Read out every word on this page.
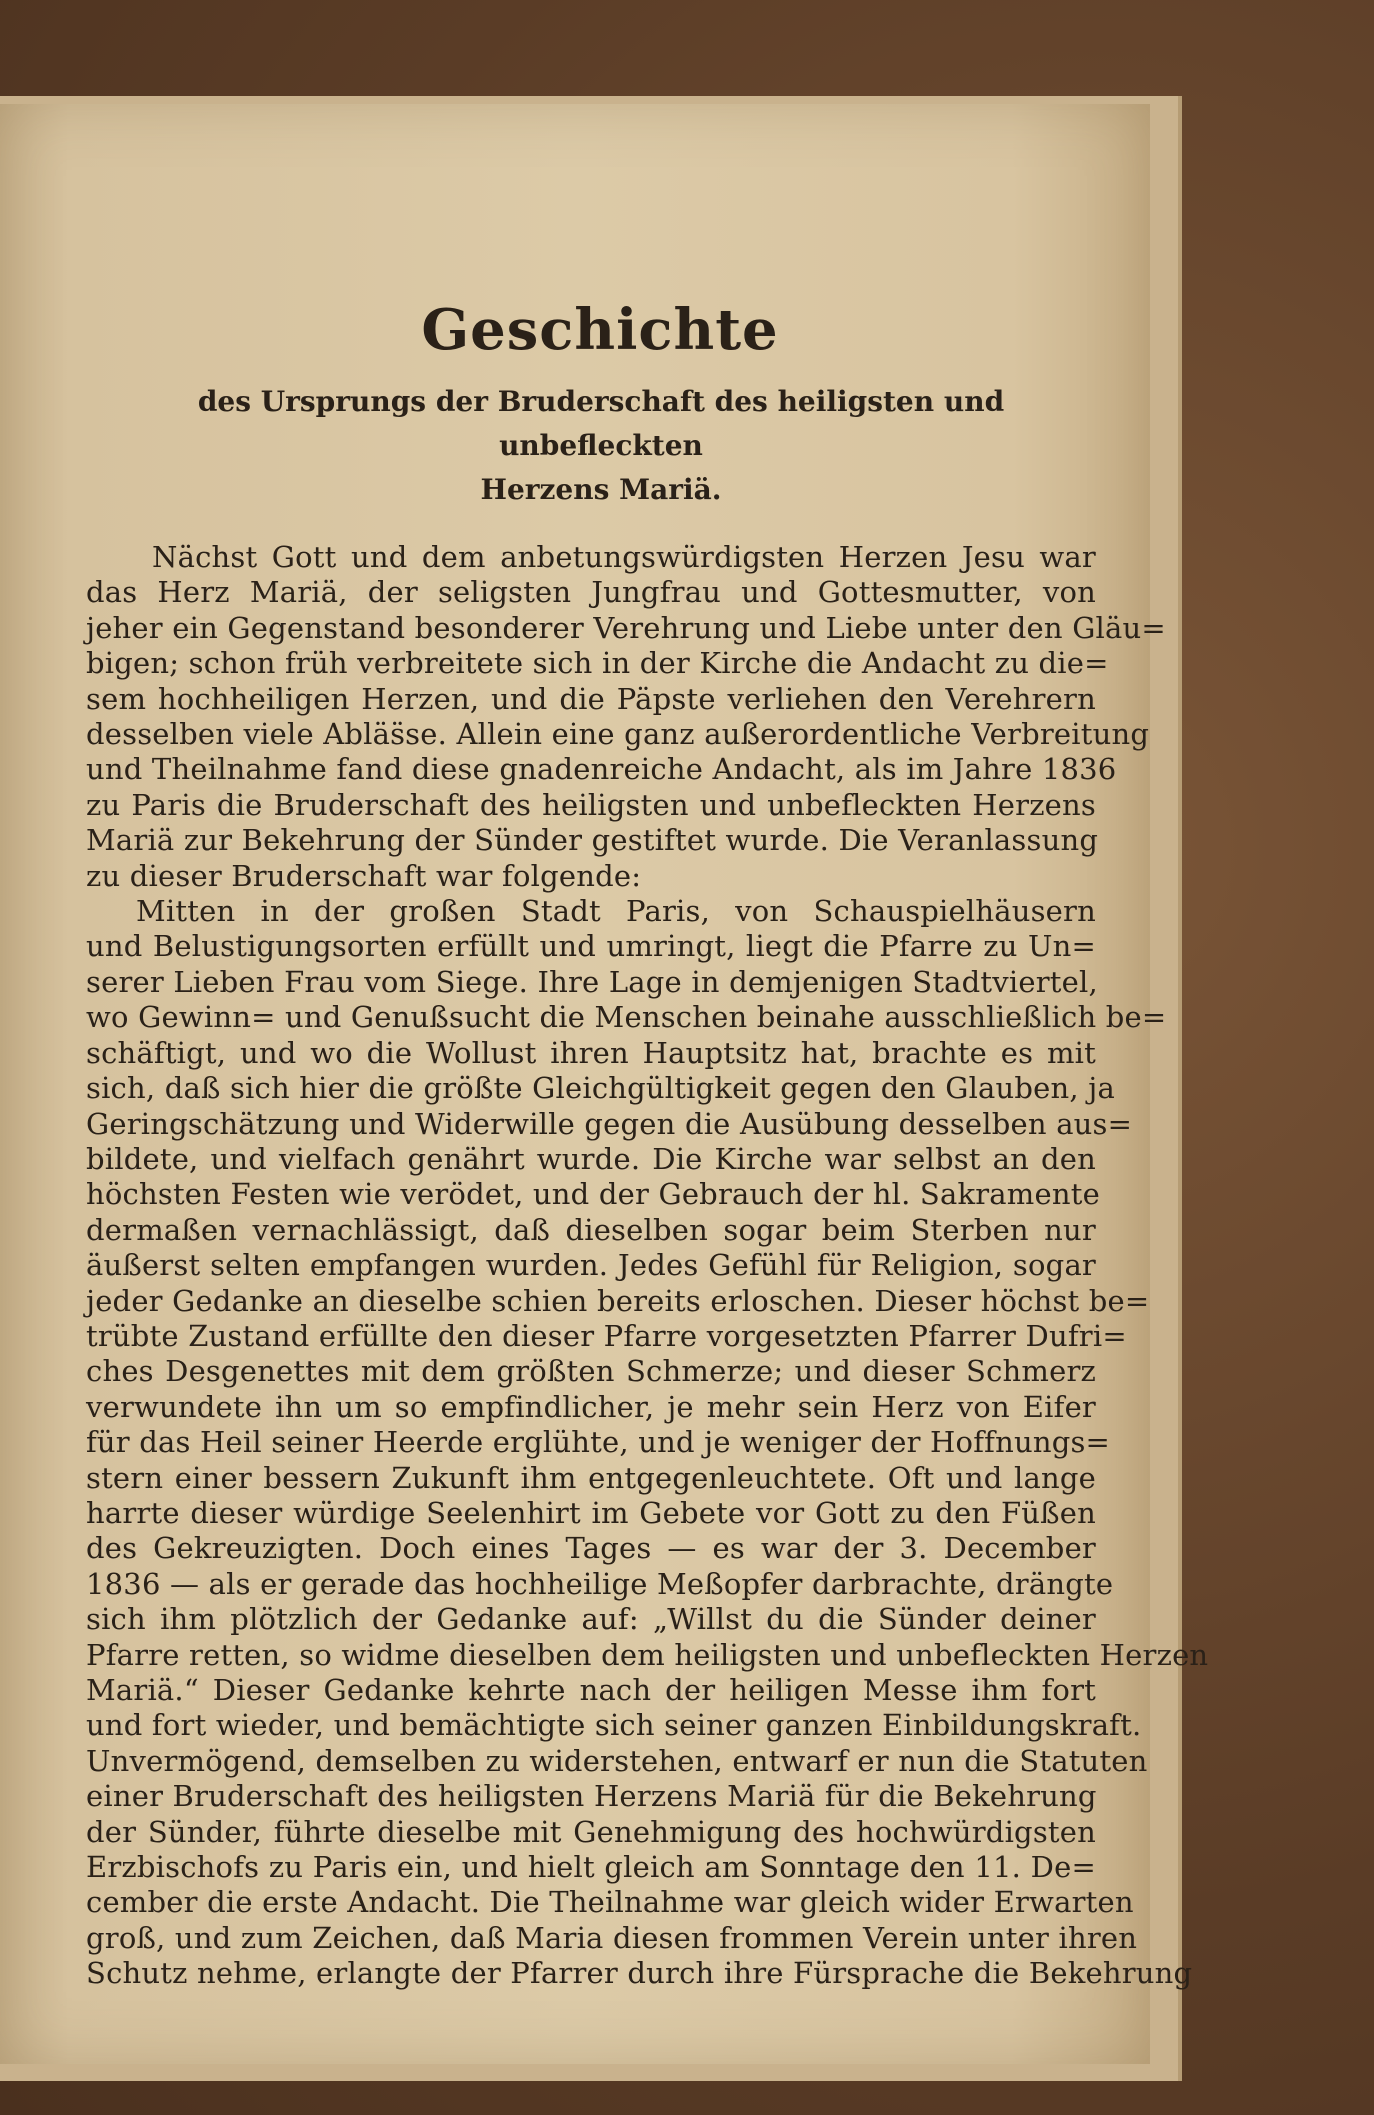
Geschichte
des Ursprungs der Bruderschaft des heiligsten und unbefleckten
Herzens Mariä.

Nächst Gott und dem anbetungswürdigsten Herzen Jesu war

das Herz Mariä, der seligsten Jungfrau und Gottesmutter, von

jeher ein Gegenstand besonderer Verehrung und Liebe unter den Gläu=

bigen; schon früh verbreitete sich in der Kirche die Andacht zu die=

sem hochheiligen Herzen, und die Päpste verliehen den Verehrern

desselben viele Abläs̈se. Allein eine ganz außerordentliche Verbreitung

und Theilnahme fand diese gnadenreiche Andacht, als im Jahre 1836

zu Paris die Bruderschaft des heiligsten und unbefleckten Herzens

Mariä zur Bekehrung der Sünder gestiftet wurde. Die Veranlassung

zu dieser Bruderschaft war folgende:

Mitten in der großen Stadt Paris, von Schauspielhäusern

und Belustigungsorten erfüllt und umringt, liegt die Pfarre zu Un=

serer Lieben Frau vom Siege. Ihre Lage in demjenigen Stadtviertel,

wo Gewinn= und Genußsucht die Menschen beinahe ausschließlich be=

schäftigt, und wo die Wollust ihren Hauptsitz hat, brachte es mit

sich, daß sich hier die größte Gleichgültigkeit gegen den Glauben, ja

Geringschätzung und Widerwille gegen die Ausübung desselben aus=

bildete, und vielfach genährt wurde. Die Kirche war selbst an den

höchsten Festen wie verödet, und der Gebrauch der hl. Sakramente

dermaßen vernachlässigt, daß dieselben sogar beim Sterben nur

äußerst selten empfangen wurden. Jedes Gefühl für Religion, sogar

jeder Gedanke an dieselbe schien bereits erloschen. Dieser höchst be=

trübte Zustand erfüllte den dieser Pfarre vorgesetzten Pfarrer Dufri=

ches Desgenettes mit dem größten Schmerze; und dieser Schmerz

verwundete ihn um so empfindlicher, je mehr sein Herz von Eifer

für das Heil seiner Heerde erglühte, und je weniger der Hoffnungs=

stern einer bessern Zukunft ihm entgegenleuchtete. Oft und lange

harrte dieser würdige Seelenhirt im Gebete vor Gott zu den Füßen

des Gekreuzigten. Doch eines Tages — es war der 3. December

1836 — als er gerade das hochheilige Meßopfer darbrachte, drängte

sich ihm plötzlich der Gedanke auf: „Willst du die Sünder deiner

Pfarre retten, so widme dieselben dem heiligsten und unbefleckten Herzen

Mariä.“ Dieser Gedanke kehrte nach der heiligen Messe ihm fort

und fort wieder, und bemächtigte sich seiner ganzen Einbildungskraft.

Unvermögend, demselben zu widerstehen, entwarf er nun die Statuten

einer Bruderschaft des heiligsten Herzens Mariä für die Bekehrung

der Sünder, führte dieselbe mit Genehmigung des hochwürdigsten

Erzbischofs zu Paris ein, und hielt gleich am Sonntage den 11. De=

cember die erste Andacht. Die Theilnahme war gleich wider Erwarten

groß, und zum Zeichen, daß Maria diesen frommen Verein unter ihren

Schutz nehme, erlangte der Pfarrer durch ihre Fürsprache die Bekehrung
